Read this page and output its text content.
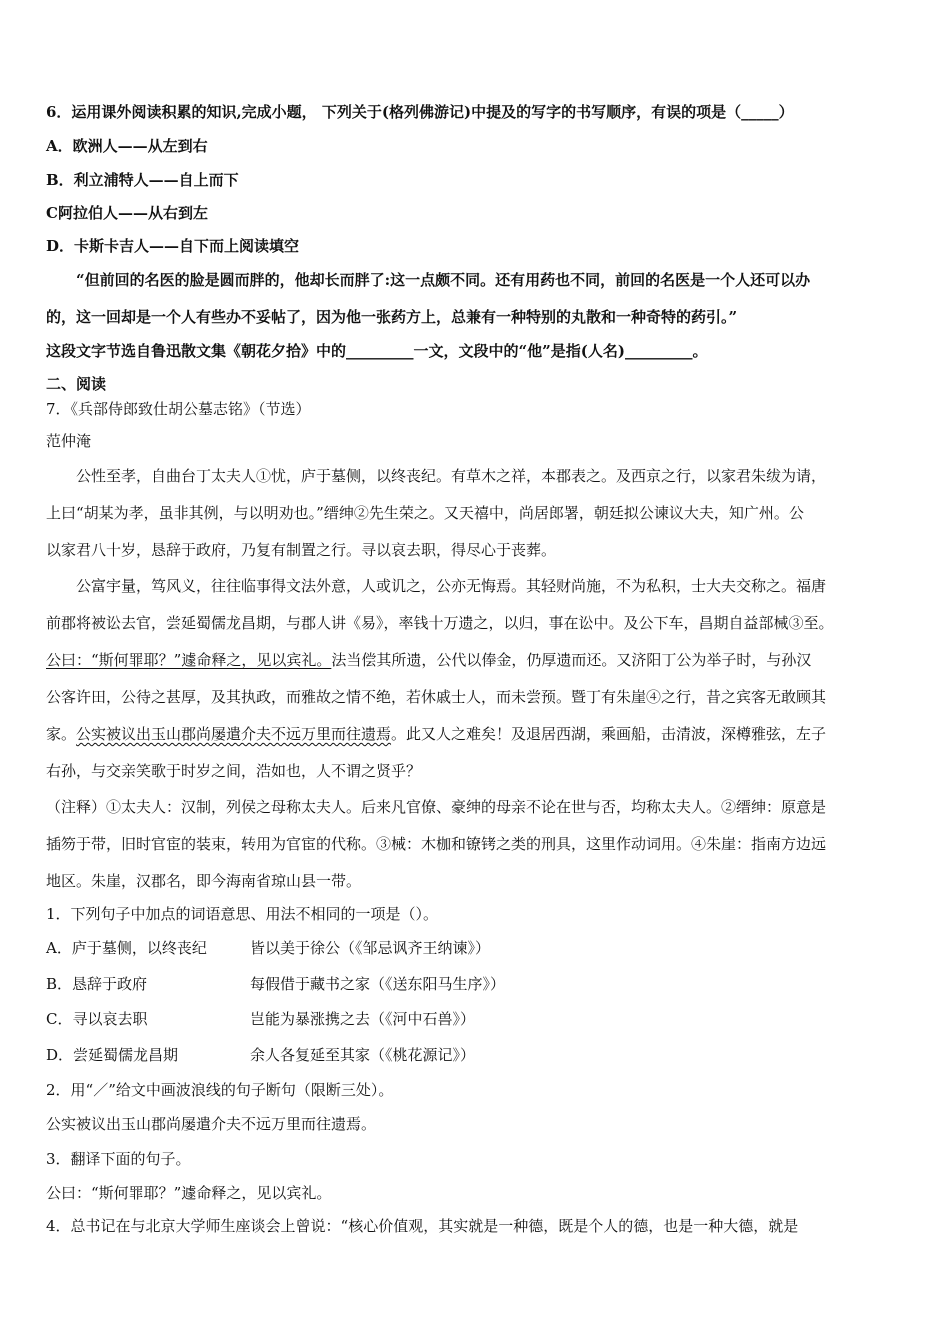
6．运用课外阅读积累的知识,完成小题， 下列关于(格列佛游记)中提及的写字的书写顺序，有误的项是（_____）
A．欧洲人——从左到右
B．利立浦特人——自上而下
C阿拉伯人——从右到左
D．卡斯卡吉人——自下而上阅读填空
“但前回的名医的脸是圆而胖的，他却长而胖了:这一点颇不同。还有用药也不同，前回的名医是一个人还可以办
的，这一回却是一个人有些办不妥帖了，因为他一张药方上，总兼有一种特别的丸散和一种奇特的药引。”
这段文字节选自鲁迅散文集《朝花夕拾》中的_________一文，文段中的“他”是指(人名)_________。
二、阅读
7．《兵部侍郎致仕胡公墓志铭》（节选）
范仲淹
公性至孝，自曲台丁太夫人①忧，庐于墓侧，以终丧纪。有草木之祥，本郡表之。及西京之行，以家君朱绂为请，
上曰“胡某为孝，虽非其例，与以明劝也。”缙绅②先生荣之。又天禧中，尚居郎署，朝廷拟公谏议大夫，知广州。公
以家君八十岁，恳辞于政府，乃复有制置之行。寻以哀去职，得尽心于丧葬。
公富宇量，笃风义，往往临事得文法外意，人或讥之，公亦无悔焉。其轻财尚施，不为私积，士大夫交称之。福唐
前郡将被讼去官，尝延蜀儒龙昌期，与郡人讲《易》，率钱十万遗之，以归，事在讼中。及公下车，昌期自益部械③至。
公曰：“斯何罪耶？”遽命释之，见以宾礼。法当偿其所遗，公代以俸金，仍厚遗而还。又济阳丁公为举子时，与孙汉
公客许田，公待之甚厚，及其执政，而雅故之情不绝，若休戚士人，而未尝预。暨丁有朱崖④之行，昔之宾客无敢顾其
家。公实被议出玉山郡尚屡遣介夫不远万里而往遗焉。此又人之难矣！及退居西湖，乘画船，击清波，深樽雅弦，左子
右孙，与交亲笑歌于时岁之间，浩如也，人不谓之贤乎？
（注释）①太夫人：汉制，列侯之母称太夫人。后来凡官僚、豪绅的母亲不论在世与否，均称太夫人。②缙绅：原意是
插笏于带，旧时官宦的装束，转用为官宦的代称。③械：木枷和镣铐之类的刑具，这里作动词用。④朱崖：指南方边远
地区。朱崖，汉郡名，即今海南省琼山县一带。
1．下列句子中加点的词语意思、用法不相同的一项是（）。
A．庐于墓侧，以终丧纪	皆以美于徐公（《邹忌讽齐王纳谏》）
B．恳辞于政府	每假借于藏书之家（《送东阳马生序》）
C．寻以哀去职	岂能为暴涨携之去（《河中石兽》）
D．尝延蜀儒龙昌期	余人各复延至其家（《桃花源记》）
2．用“／”给文中画波浪线的句子断句（限断三处）。
公实被议出玉山郡尚屡遣介夫不远万里而往遗焉。
3．翻译下面的句子。
公曰：“斯何罪耶？”遽命释之，见以宾礼。
4．总书记在与北京大学师生座谈会上曾说：“核心价值观，其实就是一种德，既是个人的德，也是一种大德，就是
